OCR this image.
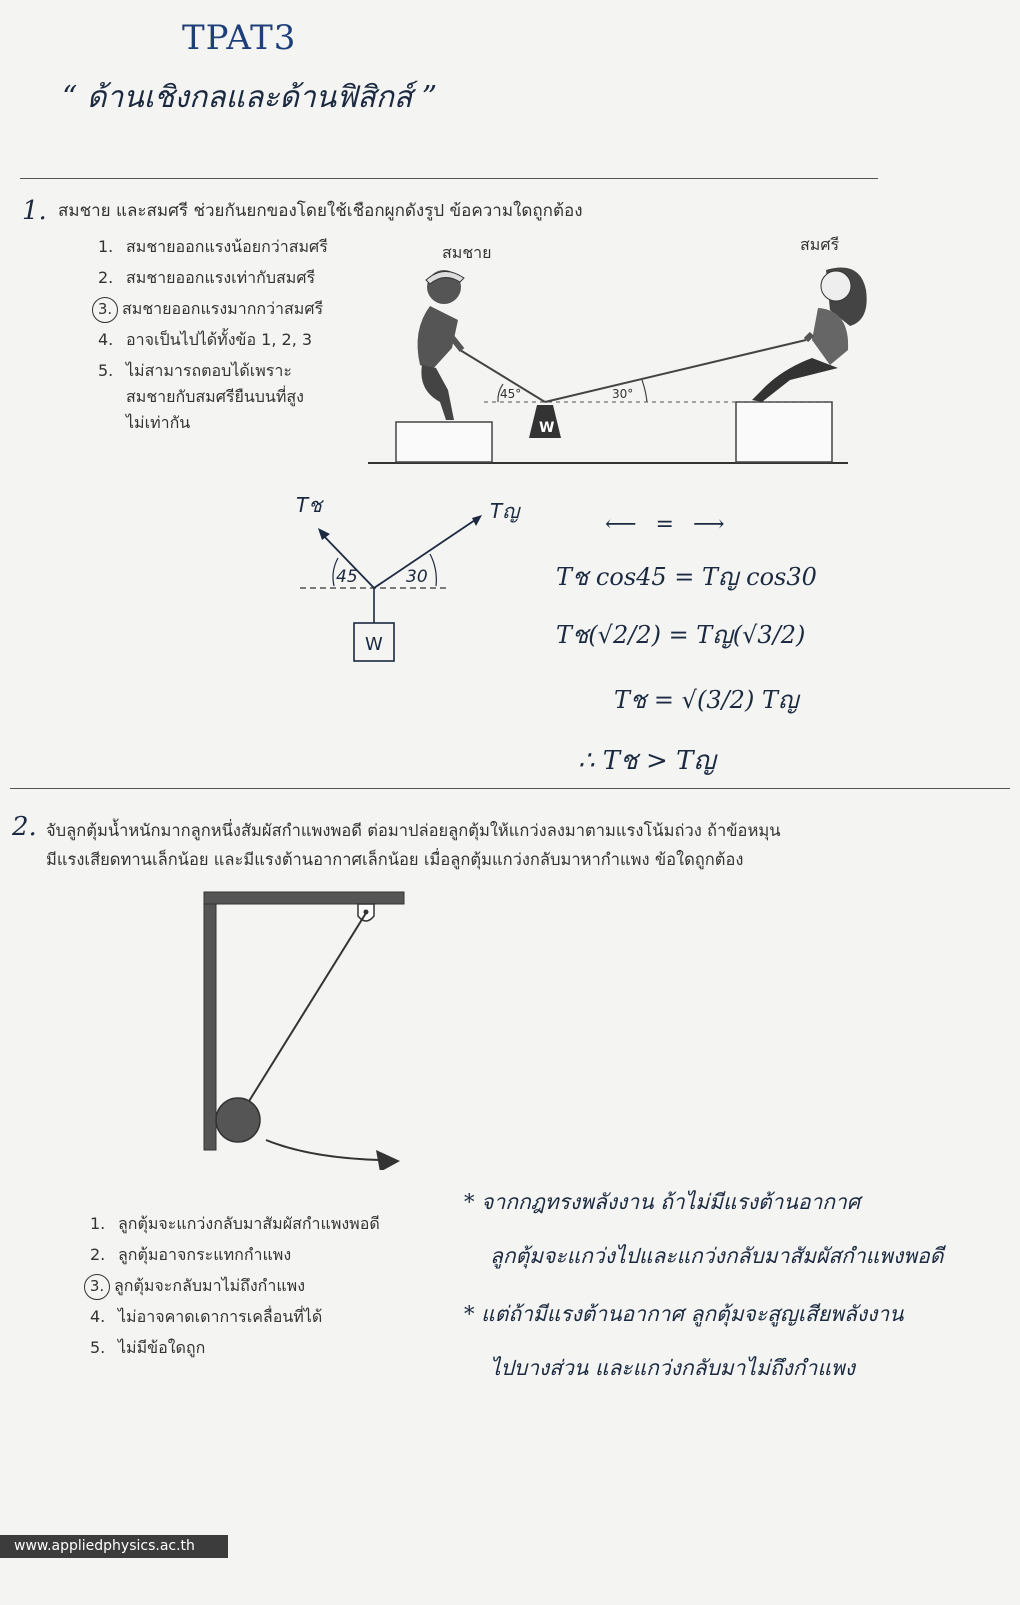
TPAT3
“ ด้านเชิงกลและด้านฟิสิกส์ ”
1. สมชาย และสมศรี ช่วยกันยกของโดยใช้เชือกผูกดังรูป ข้อความใดถูกต้อง
1. สมชายออกแรงน้อยกว่าสมศรี
2. สมชายออกแรงเท่ากับสมศรี
3. สมชายออกแรงมากกว่าสมศรี
4. อาจเป็นไปได้ทั้งข้อ 1, 2, 3
5. ไม่สามารถตอบได้เพราะ
สมชายกับสมศรียืนบนที่สูง
ไม่เท่ากัน
สมชาย	สมศรี
45°	30°
W
Tช	Tญ
45	30
W
⟵ = ⟶
Tช cos45 = Tญ cos30
Tช(√2/2) = Tญ(√3/2)
Tช = √(3/2) Tญ
∴ Tช > Tญ
2. จับลูกตุ้มน้ำหนักมากลูกหนึ่งสัมผัสกำแพงพอดี ต่อมาปล่อยลูกตุ้มให้แกว่งลงมาตามแรงโน้มถ่วง ถ้าข้อหมุน
มีแรงเสียดทานเล็กน้อย และมีแรงต้านอากาศเล็กน้อย เมื่อลูกตุ้มแกว่งกลับมาหากำแพง ข้อใดถูกต้อง
1. ลูกตุ้มจะแกว่งกลับมาสัมผัสกำแพงพอดี
2. ลูกตุ้มอาจกระแทกกำแพง
3. ลูกตุ้มจะกลับมาไม่ถึงกำแพง
4. ไม่อาจคาดเดาการเคลื่อนที่ได้
5. ไม่มีข้อใดถูก
* จากกฎทรงพลังงาน ถ้าไม่มีแรงต้านอากาศ
ลูกตุ้มจะแกว่งไปและแกว่งกลับมาสัมผัสกำแพงพอดี
* แต่ถ้ามีแรงต้านอากาศ ลูกตุ้มจะสูญเสียพลังงาน
ไปบางส่วน และแกว่งกลับมาไม่ถึงกำแพง
www.appliedphysics.ac.th
